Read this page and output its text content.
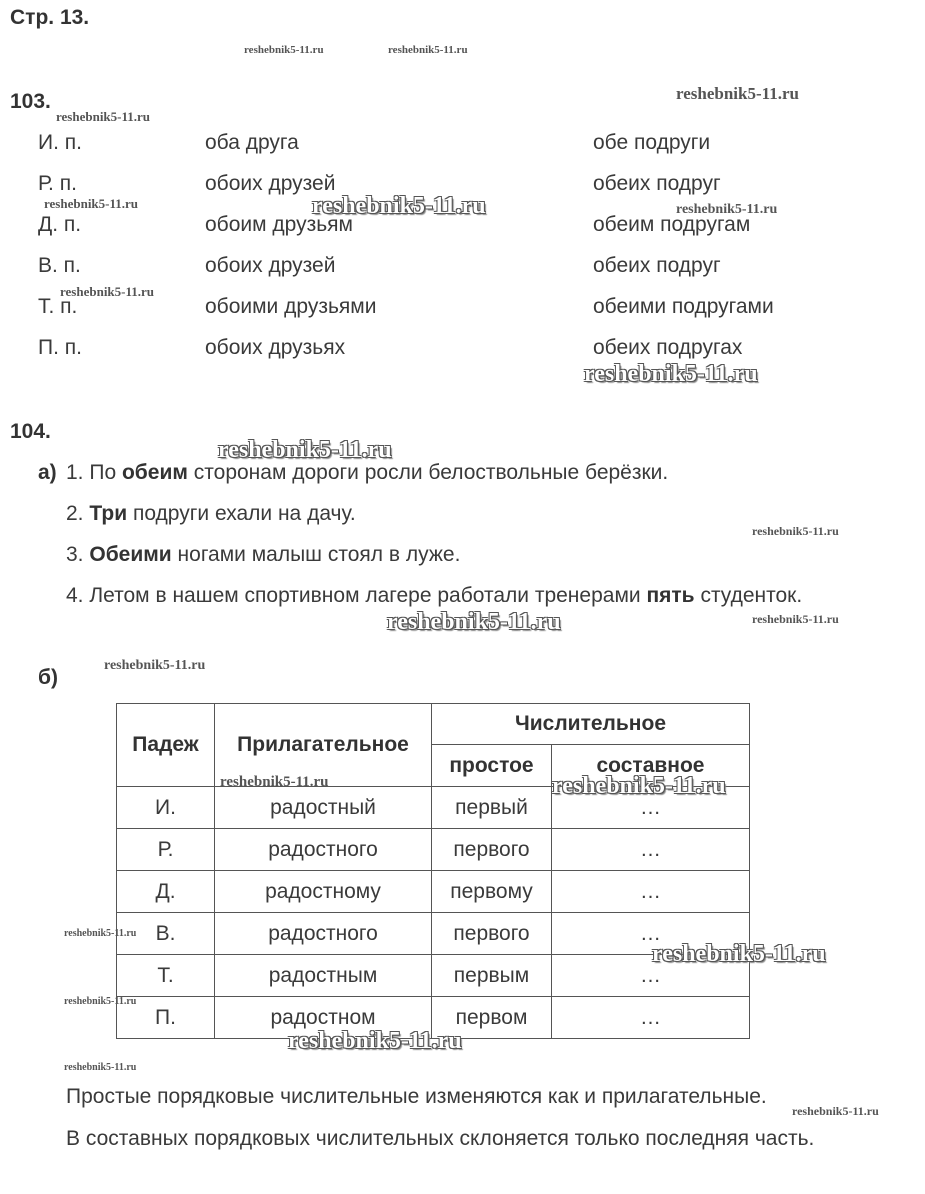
Стр. 13.
103.
И. п.	оба друга	обе подруги
Р. п.	обоих друзей	обеих подруг
Д. п.	обоим друзьям	обеим подругам
В. п.	обоих друзей	обеих подруг
Т. п.	обоими друзьями	обеими подругами
П. п.	обоих друзьях	обеих подругах
104.
а) 1. По обеим сторонам дороги росли белоствольные берёзки.
2. Три подруги ехали на дачу.
3. Обеими ногами малыш стоял в луже.
4. Летом в нашем спортивном лагере работали тренерами пять студенток.
б)
Падеж	Прилагательное	Числительное	
		простое	составное
И.	радостный	первый	…
Р.	радостного	первого	…
Д.	радостному	первому	…
В.	радостного	первого	…
Т.	радостным	первым	…
П.	радостном	первом	…
Простые порядковые числительные изменяются как и прилагательные.
В составных порядковых числительных склоняется только последняя часть.
reshebnik5-11.ru	reshebnik5-11.ru
reshebnik5-11.ru
reshebnik5-11.ru
reshebnik5-11.ru	reshebnik5-11.ru	reshebnik5-11.ru
reshebnik5-11.ru
reshebnik5-11.ru
reshebnik5-11.ru
reshebnik5-11.ru
reshebnik5-11.ru	reshebnik5-11.ru
reshebnik5-11.ru
reshebnik5-11.ru	reshebnik5-11.ru
reshebnik5-11.ru
reshebnik5-11.ru
reshebnik5-11.ru
reshebnik5-11.ru
reshebnik5-11.ru
reshebnik5-11.ru
